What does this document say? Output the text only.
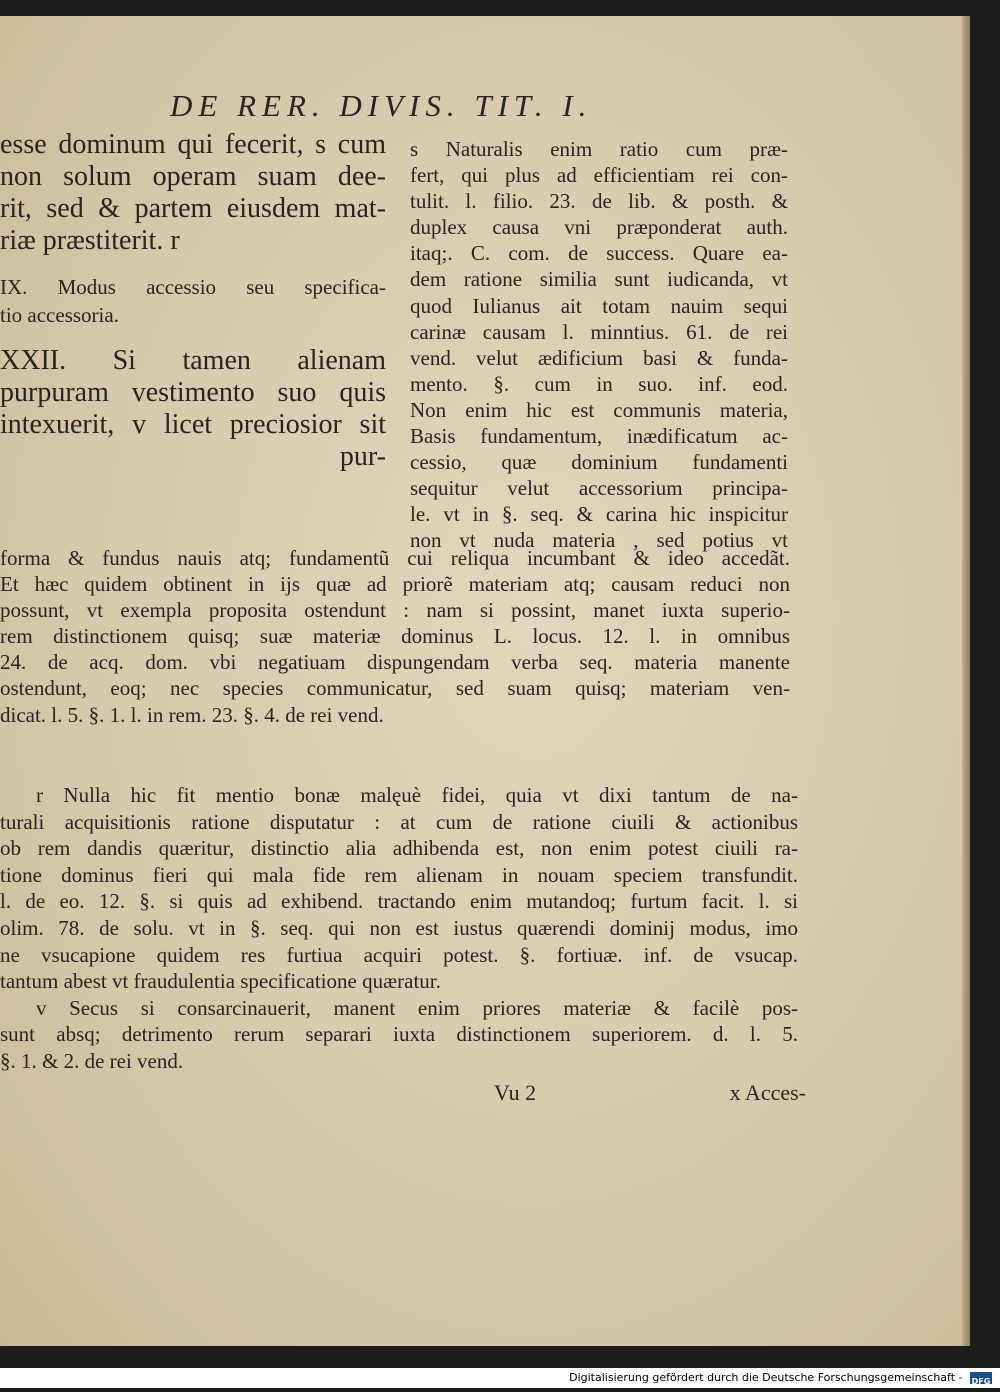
DE RER. DIVIS. TIT. I.
esse dominum qui fecerit, s cum
non solum operam suam dee-
rit, sed & partem eiusdem mat-
riæ præstiterit. r
IX. Modus accessio seu specifica-
tio accessoria.
XXII. Si tamen alienam
purpuram vestimento suo quis
intexuerit, v licet preciosior sit
pur-
s Naturalis enim ratio cum præ-
fert, qui plus ad efficientiam rei con-
tulit. l. filio. 23. de lib. & posth. &
duplex causa vni præponderat auth.
itaq;. C. com. de success. Quare ea-
dem ratione similia sunt iudicanda, vt
quod Iulianus ait totam nauim sequi
carinæ causam l. minntius. 61. de rei
vend. velut ædificium basi & funda-
mento. §. cum in suo. inf. eod.
Non enim hic est communis materia,
Basis fundamentum, inædificatum ac-
cessio, quæ dominium fundamenti
sequitur velut accessorium principa-
le. vt in §. seq. & carina hic inspicitur
non vt nuda materia , sed potius vt
forma & fundus nauis atq; fundamentũ cui reliqua incumbant & ideo accedãt.
Et hæc quidem obtinent in ijs quæ ad priorẽ materiam atq; causam reduci non
possunt, vt exempla proposita ostendunt : nam si possint, manet iuxta superio-
rem distinctionem quisq; suæ materiæ dominus L. locus. 12. l. in omnibus
24. de acq. dom. vbi negatiuam dispungendam verba seq. materia manente
ostendunt, eoq; nec species communicatur, sed suam quisq; materiam ven-
dicat. l. 5. §. 1. l. in rem. 23. §. 4. de rei vend.
r Nulla hic fit mentio bonæ malęuè fidei, quia vt dixi tantum de na-
turali acquisitionis ratione disputatur : at cum de ratione ciuili & actionibus
ob rem dandis quæritur, distinctio alia adhibenda est, non enim potest ciuili ra-
tione dominus fieri qui mala fide rem alienam in nouam speciem transfundit.
l. de eo. 12. §. si quis ad exhibend. tractando enim mutandoq; furtum facit. l. si
olim. 78. de solu. vt in §. seq. qui non est iustus quærendi dominij modus, imo
ne vsucapione quidem res furtiua acquiri potest. §. fortiuæ. inf. de vsucap.
tantum abest vt fraudulentia specificatione quæratur.
v Secus si consarcinauerit, manent enim priores materiæ & facilè pos-
sunt absq; detrimento rerum separari iuxta distinctionem superiorem. d. l. 5.
§. 1. & 2. de rei vend.
Vu 2	x Acces-
Digitalisierung gefördert durch die Deutsche Forschungsgemeinschaft - DFG
